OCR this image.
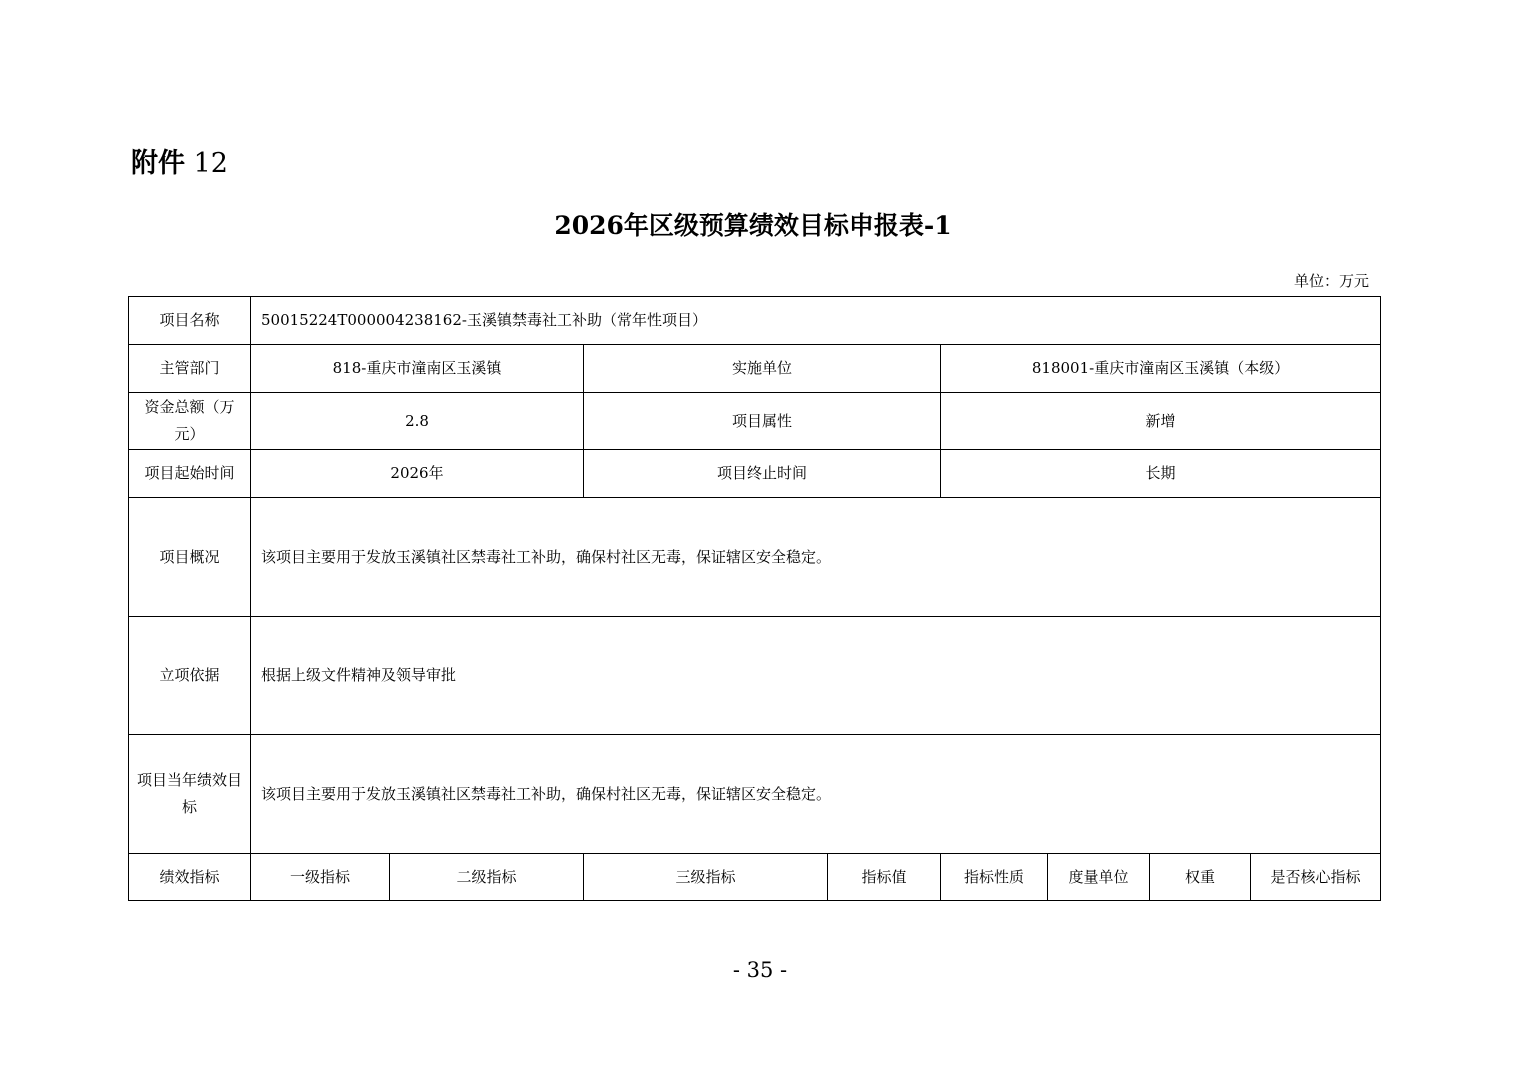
附件 12
2026年区级预算绩效目标申报表-1
单位：万元
项目名称	50015224T000004238162-玉溪镇禁毒社工补助（常年性项目）							
主管部门	818-重庆市潼南区玉溪镇		实施单位		818001-重庆市潼南区玉溪镇（本级）			
资金总额（万元）	2.8		项目属性		新增			
项目起始时间	2026年		项目终止时间		长期			
项目概况	该项目主要用于发放玉溪镇社区禁毒社工补助，确保村社区无毒，保证辖区安全稳定。							
立项依据	根据上级文件精神及领导审批							
项目当年绩效目标	该项目主要用于发放玉溪镇社区禁毒社工补助，确保村社区无毒，保证辖区安全稳定。							
绩效指标	一级指标	二级指标	三级指标	指标值	指标性质	度量单位	权重	是否核心指标
- 35 -
